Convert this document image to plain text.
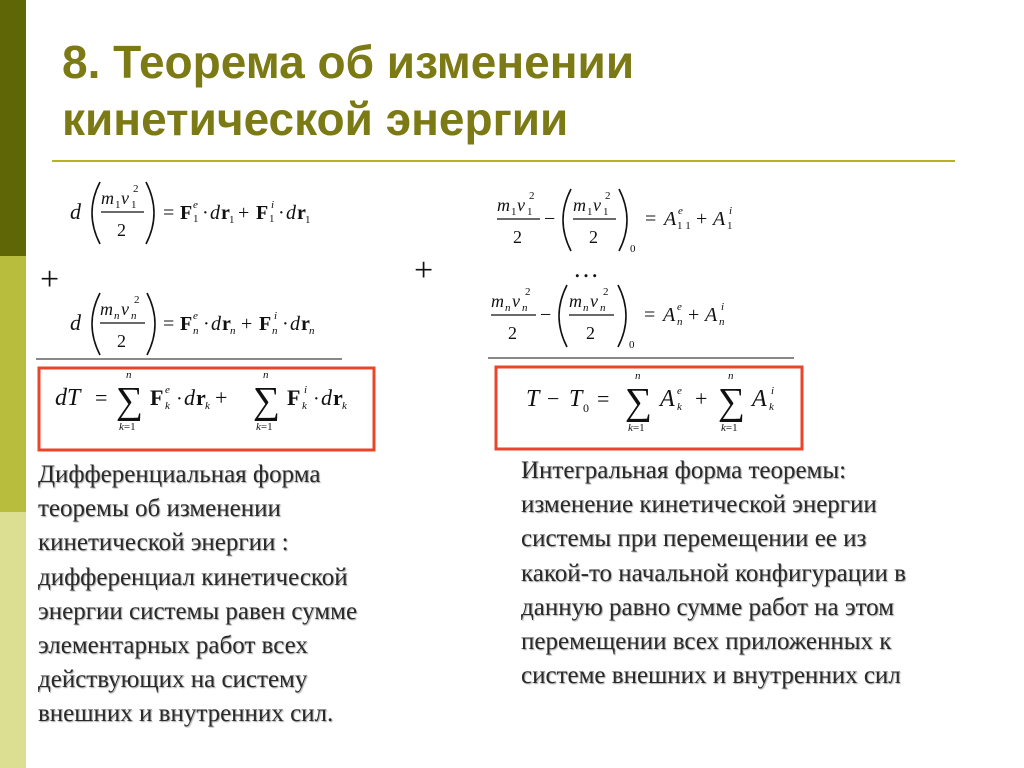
8. Теорема об изменении
кинетической энергии
d
m 1 v 1
2
2
= F 1
e · d r 1 + F 1
i · d r 1
+
d
m n v n
2
2
= F n
e · d r n + F n
i · d r n
dT =
n
∑
k=1
F k
e · d r k +
n
∑
k=1
F k
i · d r k
+
m 1 v 1
2
2
−
m 1 v 1
2
2
0
= A 1 1
e + A 1
i
…
m n v n
2
2
−
m n v n
2
2
0
= A n
e + A n
i
T − T 0 =
n
∑
k=1
A k
e +
n
∑
k=1
A k
i
Дифференциальная форма
теоремы об изменении
кинетической энергии :
дифференциал кинетической
энергии системы равен сумме
элементарных работ всех
действующих на систему
внешних и внутренних сил.
Интегральная форма теоремы:
изменение кинетической энергии
системы при перемещении ее из
какой-то начальной конфигурации в
данную равно сумме работ на этом
перемещении всех приложенных к
системе внешних и внутренних сил
